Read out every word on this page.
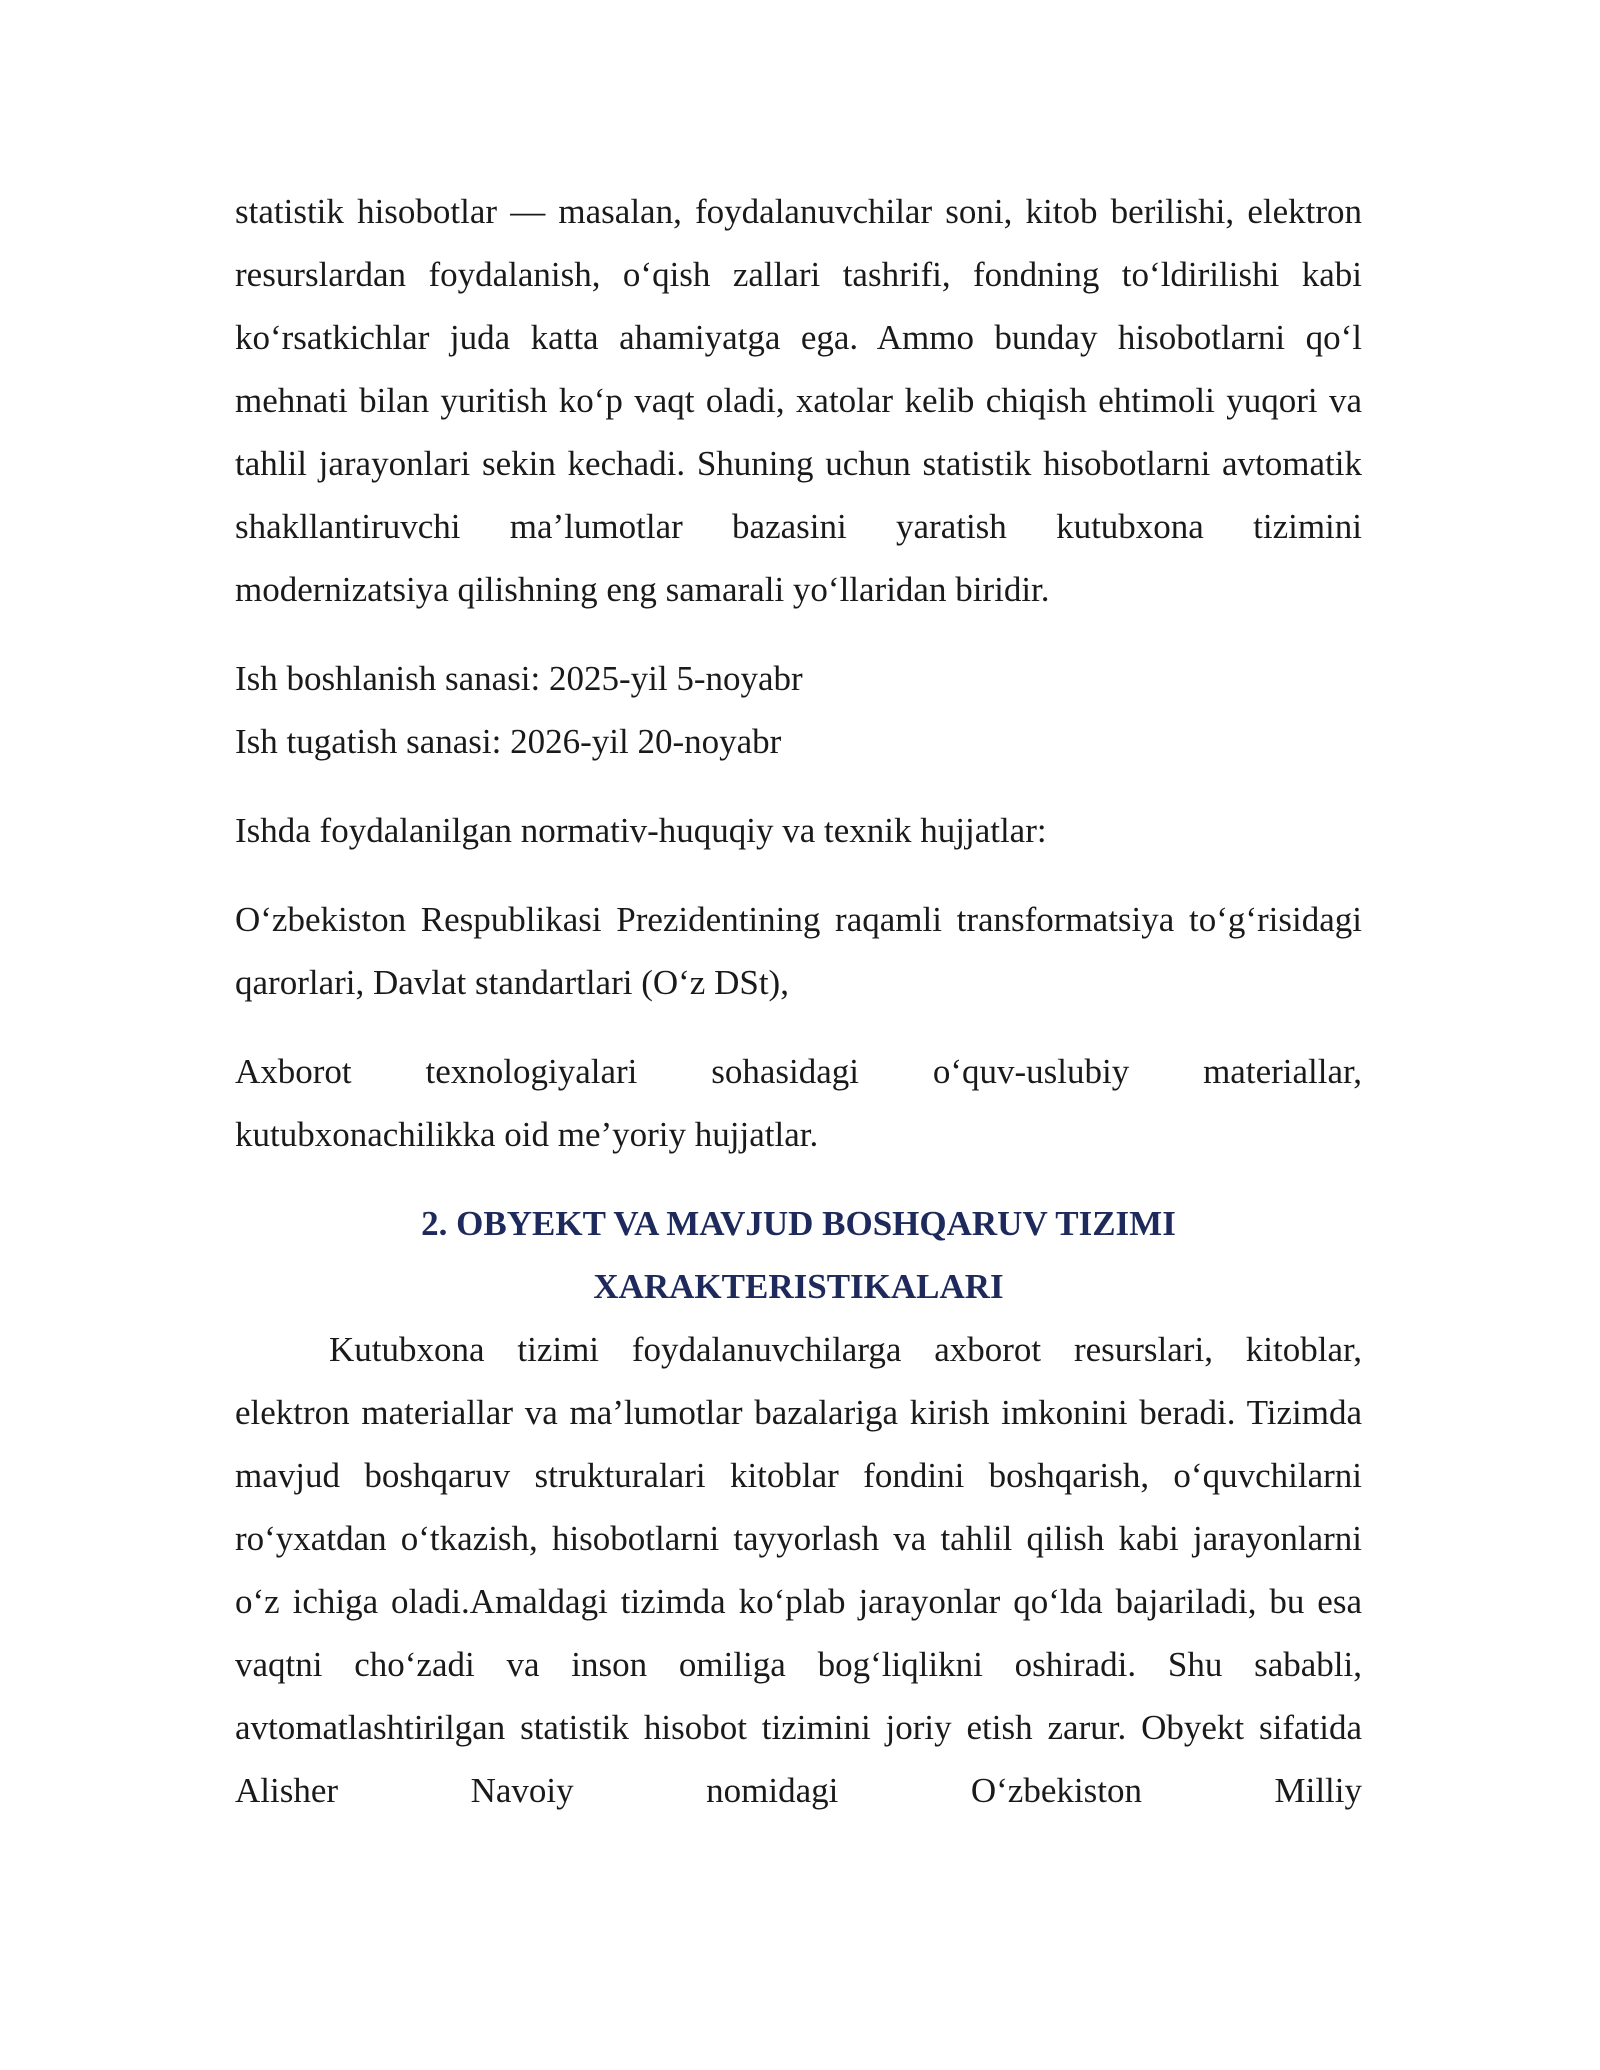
statistik hisobotlar — masalan, foydalanuvchilar soni, kitob berilishi, elektron resurslardan foydalanish, o‘qish zallari tashrifi, fondning to‘ldirilishi kabi ko‘rsatkichlar juda katta ahamiyatga ega. Ammo bunday hisobotlarni qo‘l mehnati bilan yuritish ko‘p vaqt oladi, xatolar kelib chiqish ehtimoli yuqori va tahlil jarayonlari sekin kechadi. Shuning uchun statistik hisobotlarni avtomatik shakllantiruvchi ma’lumotlar bazasini yaratish kutubxona tizimini modernizatsiya qilishning eng samarali yo‘llaridan biridir.

Ish boshlanish sanasi: 2025-yil 5-noyabr

Ish tugatish sanasi: 2026-yil 20-noyabr

Ishda foydalanilgan normativ-huquqiy va texnik hujjatlar:

O‘zbekiston Respublikasi Prezidentining raqamli transformatsiya to‘g‘risidagi qarorlari, Davlat standartlari (O‘z DSt),

Axborot texnologiyalari sohasidagi o‘quv-uslubiy materiallar, kutubxonachilikka oid me’yoriy hujjatlar.

2. OBYEKT VA MAVJUD BOSHQARUV TIZIMI
XARAKTERISTIKALARI

Kutubxona tizimi foydalanuvchilarga axborot resurslari, kitoblar, elektron materiallar va ma’lumotlar bazalariga kirish imkonini beradi. Tizimda mavjud boshqaruv strukturalari kitoblar fondini boshqarish, o‘quvchilarni ro‘yxatdan o‘tkazish, hisobotlarni tayyorlash va tahlil qilish kabi jarayonlarni o‘z ichiga oladi.Amaldagi tizimda ko‘plab jarayonlar qo‘lda bajariladi, bu esa vaqtni cho‘zadi va inson omiliga bog‘liqlikni oshiradi. Shu sababli, avtomatlashtirilgan statistik hisobot tizimini joriy etish zarur. Obyekt sifatida Alisher Navoiy nomidagi O‘zbekiston Milliy
